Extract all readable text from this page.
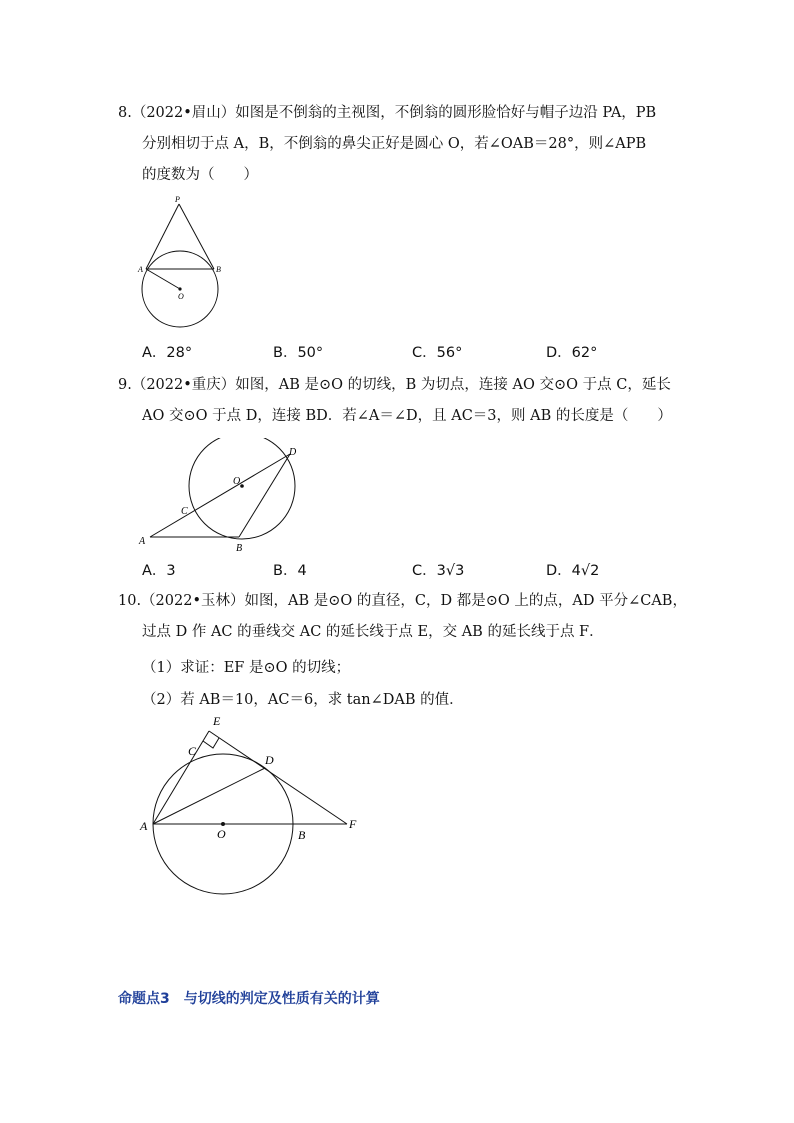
8.（2022•眉山）如图是不倒翁的主视图，不倒翁的圆形脸恰好与帽子边沿 PA，PB

分别相切于点 A，B，不倒翁的鼻尖正好是圆心 O，若∠OAB＝28°，则∠APB

的度数为（　　）

P
A	B
O
A．28°	B．50°	C．56°	D．62°

9.（2022•重庆）如图，AB 是⊙O 的切线，B 为切点，连接 AO 交⊙O 于点 C，延长

AO 交⊙O 于点 D，连接 BD．若∠A＝∠D，且 AC＝3，则 AB 的长度是（　　）

A
B
C
D
O
A．3	B．4	C．3√3	D．4√2

10.（2022•玉林）如图，AB 是⊙O 的直径，C，D 都是⊙O 上的点，AD 平分∠CAB，

过点 D 作 AC 的垂线交 AC 的延长线于点 E，交 AB 的延长线于点 F．

（1）求证：EF 是⊙O 的切线；
（2）若 AB＝10，AC＝6，求 tan∠DAB 的值．
A
O	B
F
E
C
D
命题点3　与切线的判定及性质有关的计算
